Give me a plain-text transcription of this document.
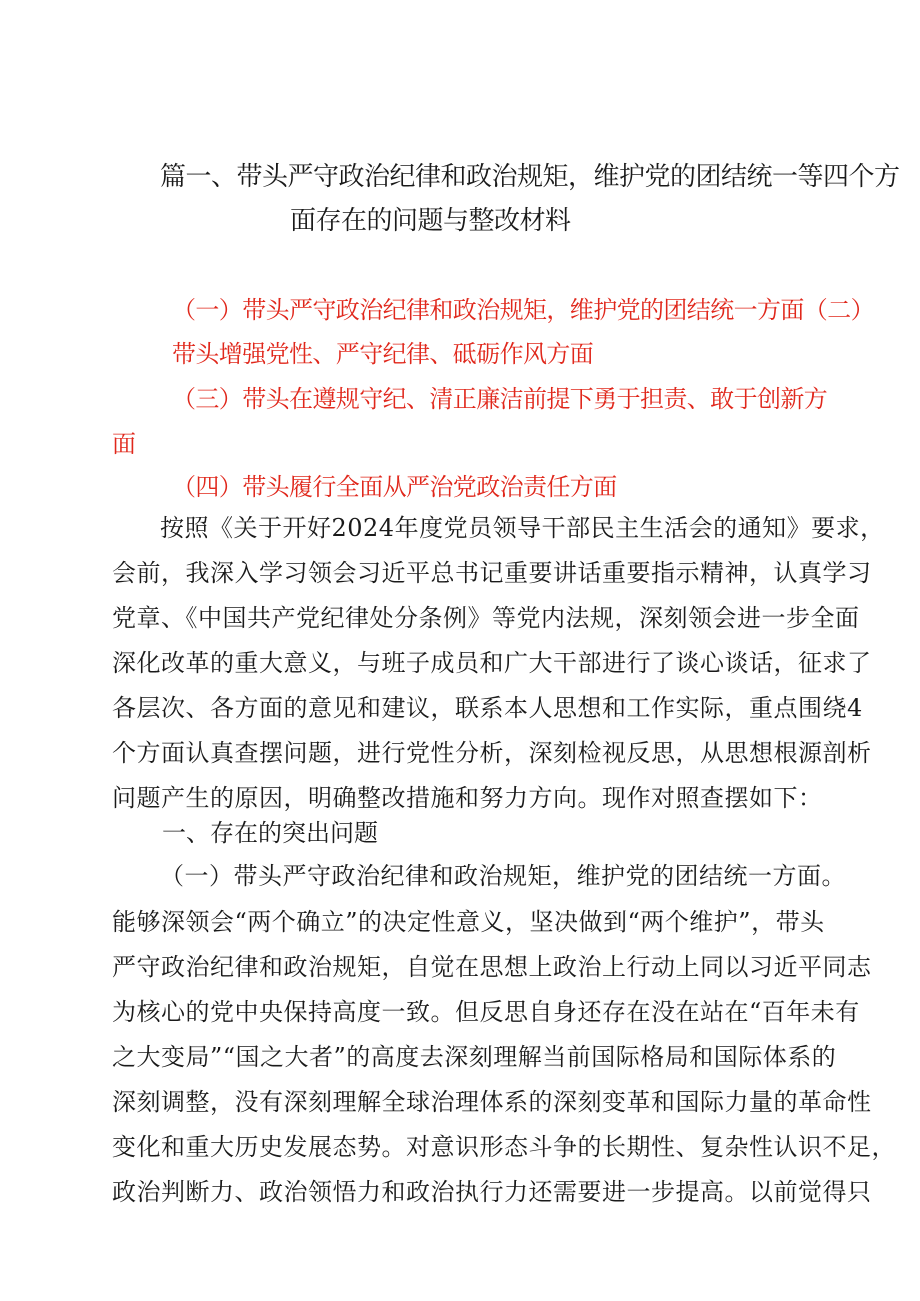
篇一、带头严守政治纪律和政治规矩，维护党的团结统一等四个方
面存在的问题与整改材料
（一）带头严守政治纪律和政治规矩，维护党的团结统一方面（二）
带头增强党性、严守纪律、砥砺作风方面
（三）带头在遵规守纪、清正廉洁前提下勇于担责、敢于创新方
面
（四）带头履行全面从严治党政治责任方面
按照《关于开好2024年度党员领导干部民主生活会的通知》要求，
会前，我深入学习领会习近平总书记重要讲话重要指示精神，认真学习
党章、《中国共产党纪律处分条例》等党内法规，深刻领会进一步全面
深化改革的重大意义，与班子成员和广大干部进行了谈心谈话，征求了
各层次、各方面的意见和建议，联系本人思想和工作实际，重点围绕4
个方面认真查摆问题，进行党性分析，深刻检视反思，从思想根源剖析
问题产生的原因，明确整改措施和努力方向。现作对照查摆如下：
一、存在的突出问题
（一）带头严守政治纪律和政治规矩，维护党的团结统一方面。
能够深领会“两个确立”的决定性意义，坚决做到“两个维护”，带头
严守政治纪律和政治规矩，自觉在思想上政治上行动上同以习近平同志
为核心的党中央保持高度一致。但反思自身还存在没在站在“百年未有
之大变局”“国之大者”的高度去深刻理解当前国际格局和国际体系的
深刻调整，没有深刻理解全球治理体系的深刻变革和国际力量的革命性
变化和重大历史发展态势。对意识形态斗争的长期性、复杂性认识不足，
政治判断力、政治领悟力和政治执行力还需要进一步提高。以前觉得只
